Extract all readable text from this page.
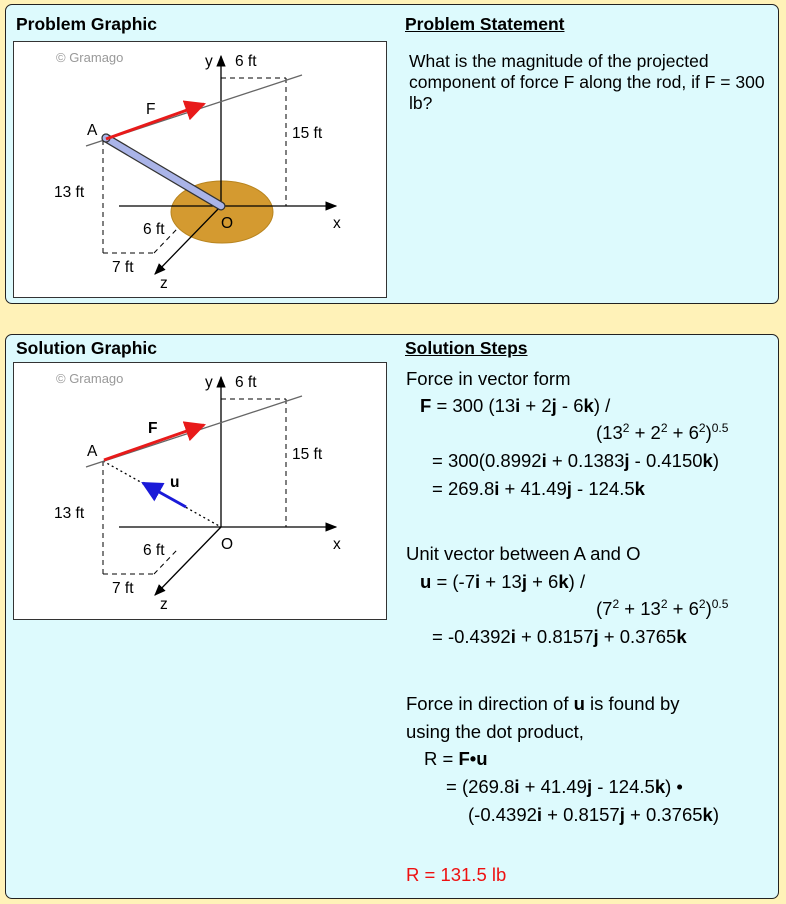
Problem Graphic	Problem Statement
© Gramago	y
x
z
O
A
F
6 ft
15 ft
13 ft
6 ft
7 ft

What is the magnitude of the projected component of force F along the rod, if F = 300 lb?

Solution Graphic	Solution Steps
© Gramago	y
x
z
O
A
F
u
6 ft
15 ft
13 ft
6 ft
7 ft
Force in vector form
F = 300 (13i + 2j - 6k) /
$(13^2 + 2^2 + 6^2)^{0.5}$
= 300(0.8992i + 0.1383j - 0.4150k)
= 269.8i + 41.49j - 124.5k
Unit vector between A and O
u = (-7i + 13j + 6k) /
$(7^2 + 13^2 + 6^2)^{0.5}$
= -0.4392i + 0.8157j + 0.3765k
Force in direction of u is found by
using the dot product,
R = F•u
= (269.8i + 41.49j - 124.5k) •
(-0.4392i + 0.8157j + 0.3765k)
R = 131.5 lb
